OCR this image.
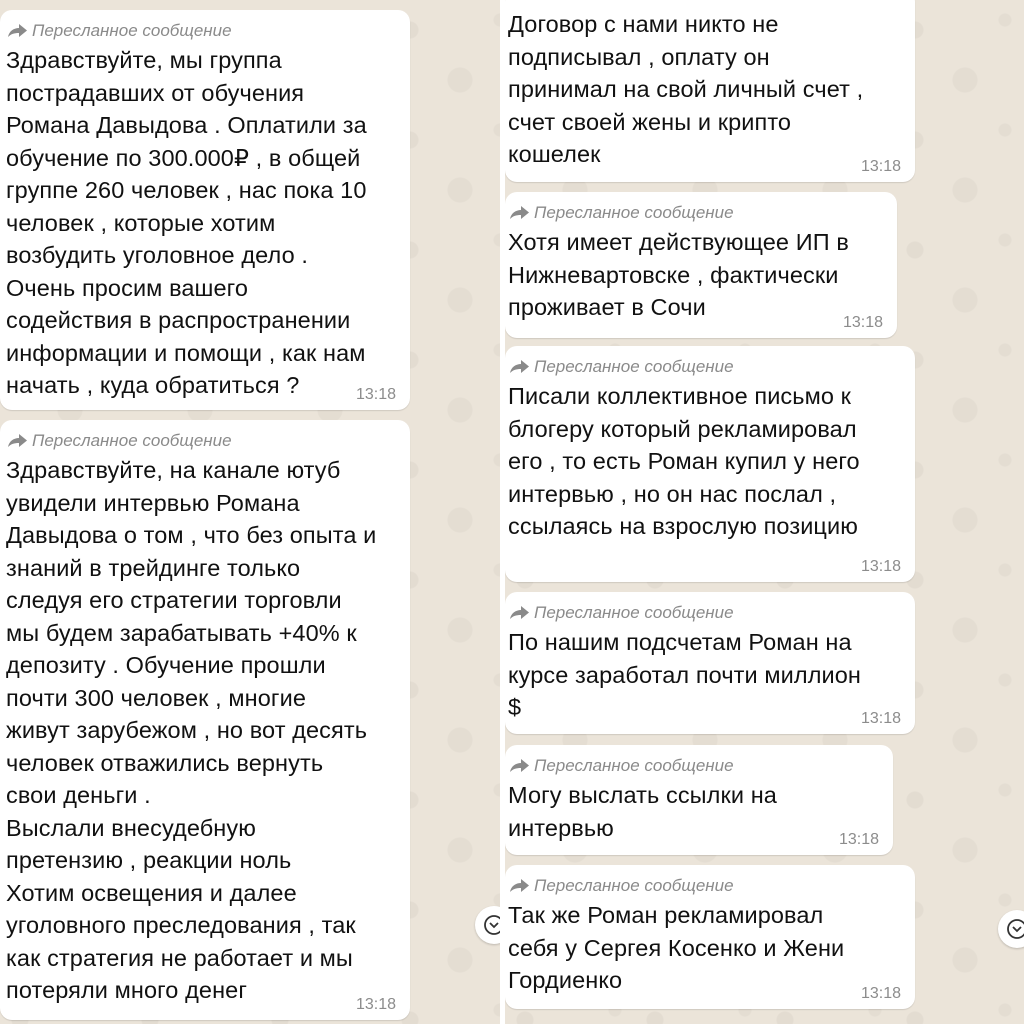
Пересланное сообщение
Здравствуйте, мы группа
пострадавших от обучения
Романа Давыдова . Оплатили за
обучение по 300.000₽ , в общей
группе 260 человек , нас пока 10
человек , которые хотим
возбудить уголовное дело .
Очень просим вашего
содействия в распространении
информации и помощи , как нам
начать , куда обратиться ?	13:18
Пересланное сообщение
Здравствуйте, на канале ютуб
увидели интервью Романа
Давыдова о том , что без опыта и
знаний в трейдинге только
следуя его стратегии торговли
мы будем зарабатывать +40% к
депозиту . Обучение прошли
почти 300 человек , многие
живут зарубежом , но вот десять
человек отважились вернуть
свои деньги .
Выслали внесудебную
претензию , реакции ноль
Хотим освещения и далее
уголовного преследования , так
как стратегия не работает и мы
потеряли много денег
13:18
Договор с нами никто не
подписывал , оплату он
принимал на свой личный счет ,
счет своей жены и крипто
кошелек	13:18
Пересланное сообщение
Хотя имеет действующее ИП в
Нижневартовске , фактически
проживает в Сочи
13:18
Пересланное сообщение
Писали коллективное письмо к
блогеру который рекламировал
его , то есть Роман купил у него
интервью , но он нас послал ,
ссылаясь на взрослую позицию
13:18
Пересланное сообщение
По нашим подсчетам Роман на
курсе заработал почти миллион
$	13:18
Пересланное сообщение
Могу выслать ссылки на
интервью	13:18
Пересланное сообщение
Так же Роман рекламировал
себя у Сергея Косенко и Жени
Гордиенко
13:18
